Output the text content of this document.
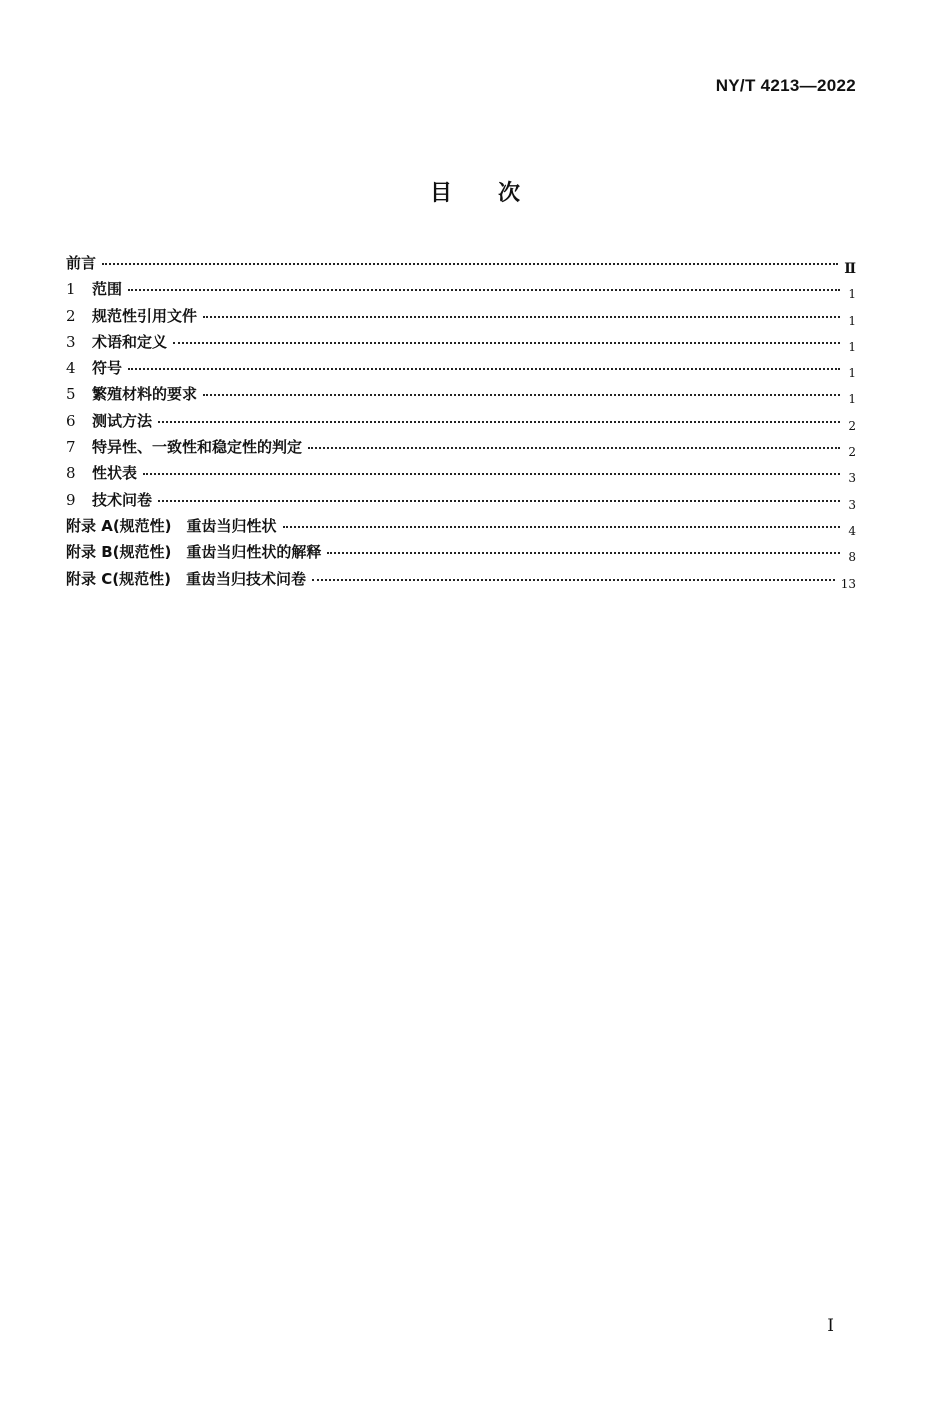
NY/T 4213—2022
目次
前言	Ⅱ
1	范围	1
2	规范性引用文件	1
3	术语和定义	1
4	符号	1
5	繁殖材料的要求	1
6	测试方法	2
7	特异性、一致性和稳定性的判定	2
8	性状表	3
9	技术问卷	3
附录 A(规范性)　重齿当归性状	4
附录 B(规范性)　重齿当归性状的解释	8
附录 C(规范性)　重齿当归技术问卷	13
I
